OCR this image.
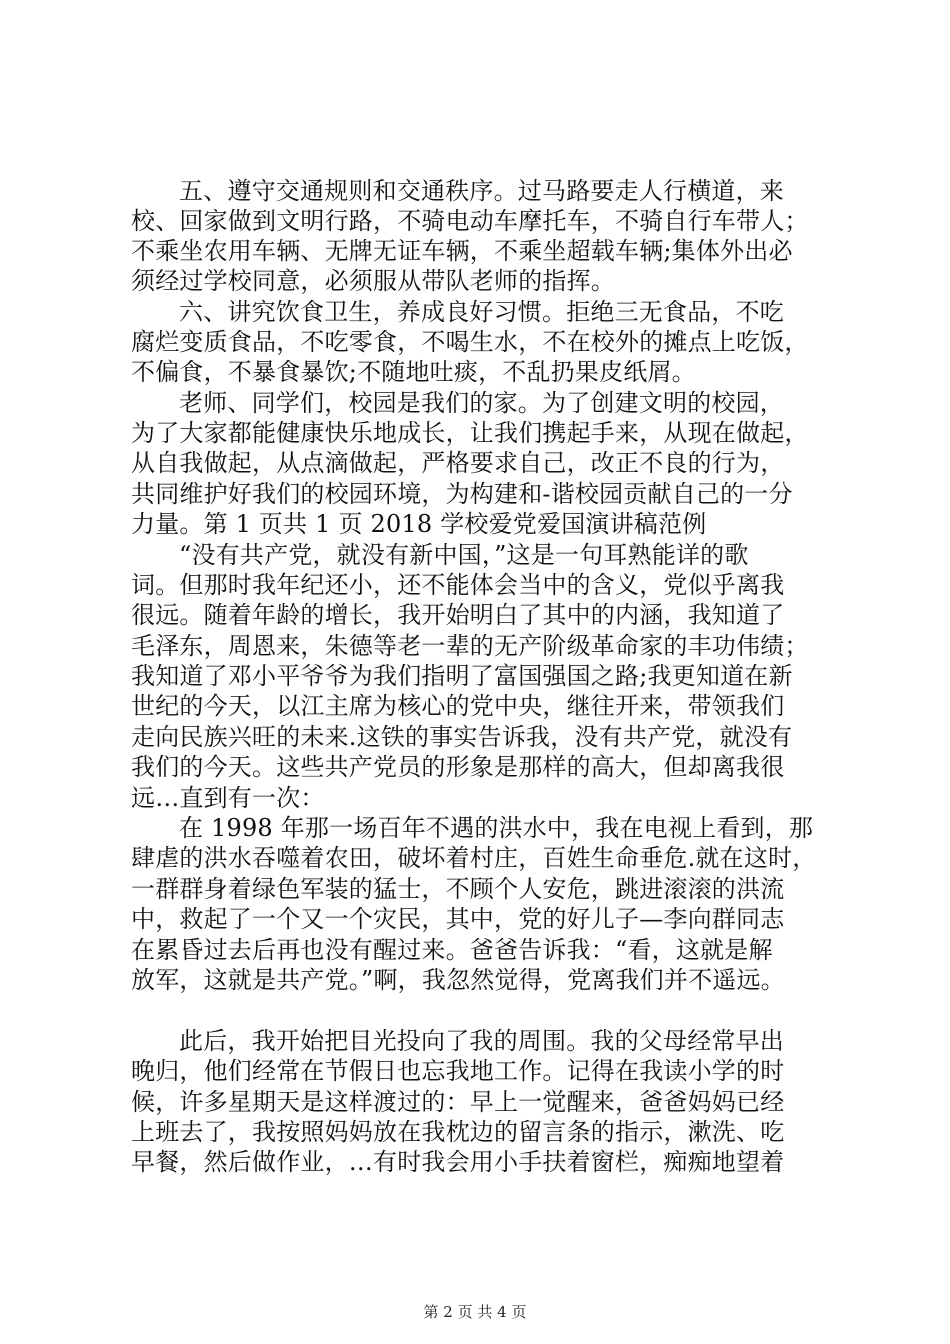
五、遵守交通规则和交通秩序。过马路要走人行横道，来
校、回家做到文明行路，不骑电动车摩托车，不骑自行车带人；
不乘坐农用车辆、无牌无证车辆，不乘坐超载车辆;集体外出必
须经过学校同意，必须服从带队老师的指挥。
六、讲究饮食卫生，养成良好习惯。拒绝三无食品，不吃
腐烂变质食品，不吃零食，不喝生水，不在校外的摊点上吃饭，
不偏食，不暴食暴饮;不随地吐痰，不乱扔果皮纸屑。
老师、同学们，校园是我们的家。为了创建文明的校园，
为了大家都能健康快乐地成长，让我们携起手来，从现在做起，
从自我做起，从点滴做起，严格要求自己，改正不良的行为，
共同维护好我们的校园环境，为构建和-谐校园贡献自己的一分
力量。第 1 页共 1 页 2018 学校爱党爱国演讲稿范例
“没有共产党，就没有新中国，”这是一句耳熟能详的歌
词。但那时我年纪还小，还不能体会当中的含义，党似乎离我
很远。随着年龄的增长，我开始明白了其中的内涵，我知道了
毛泽东，周恩来，朱德等老一辈的无产阶级革命家的丰功伟绩；
我知道了邓小平爷爷为我们指明了富国强国之路;我更知道在新
世纪的今天，以江主席为核心的党中央，继往开来，带领我们
走向民族兴旺的未来.这铁的事实告诉我，没有共产党，就没有
我们的今天。这些共产党员的形象是那样的高大，但却离我很
远…直到有一次：
在 1998 年那一场百年不遇的洪水中，我在电视上看到，那
肆虐的洪水吞噬着农田，破坏着村庄，百姓生命垂危.就在这时，
一群群身着绿色军装的猛士，不顾个人安危，跳进滚滚的洪流
中，救起了一个又一个灾民，其中，党的好儿子—李向群同志
在累昏过去后再也没有醒过来。爸爸告诉我：“看，这就是解
放军，这就是共产党。”啊，我忽然觉得，党离我们并不遥远。
此后，我开始把目光投向了我的周围。我的父母经常早出
晚归，他们经常在节假日也忘我地工作。记得在我读小学的时
候，许多星期天是这样渡过的：早上一觉醒来，爸爸妈妈已经
上班去了，我按照妈妈放在我枕边的留言条的指示，漱洗、吃
早餐，然后做作业，…有时我会用小手扶着窗栏，痴痴地望着
第 2 页 共 4 页
